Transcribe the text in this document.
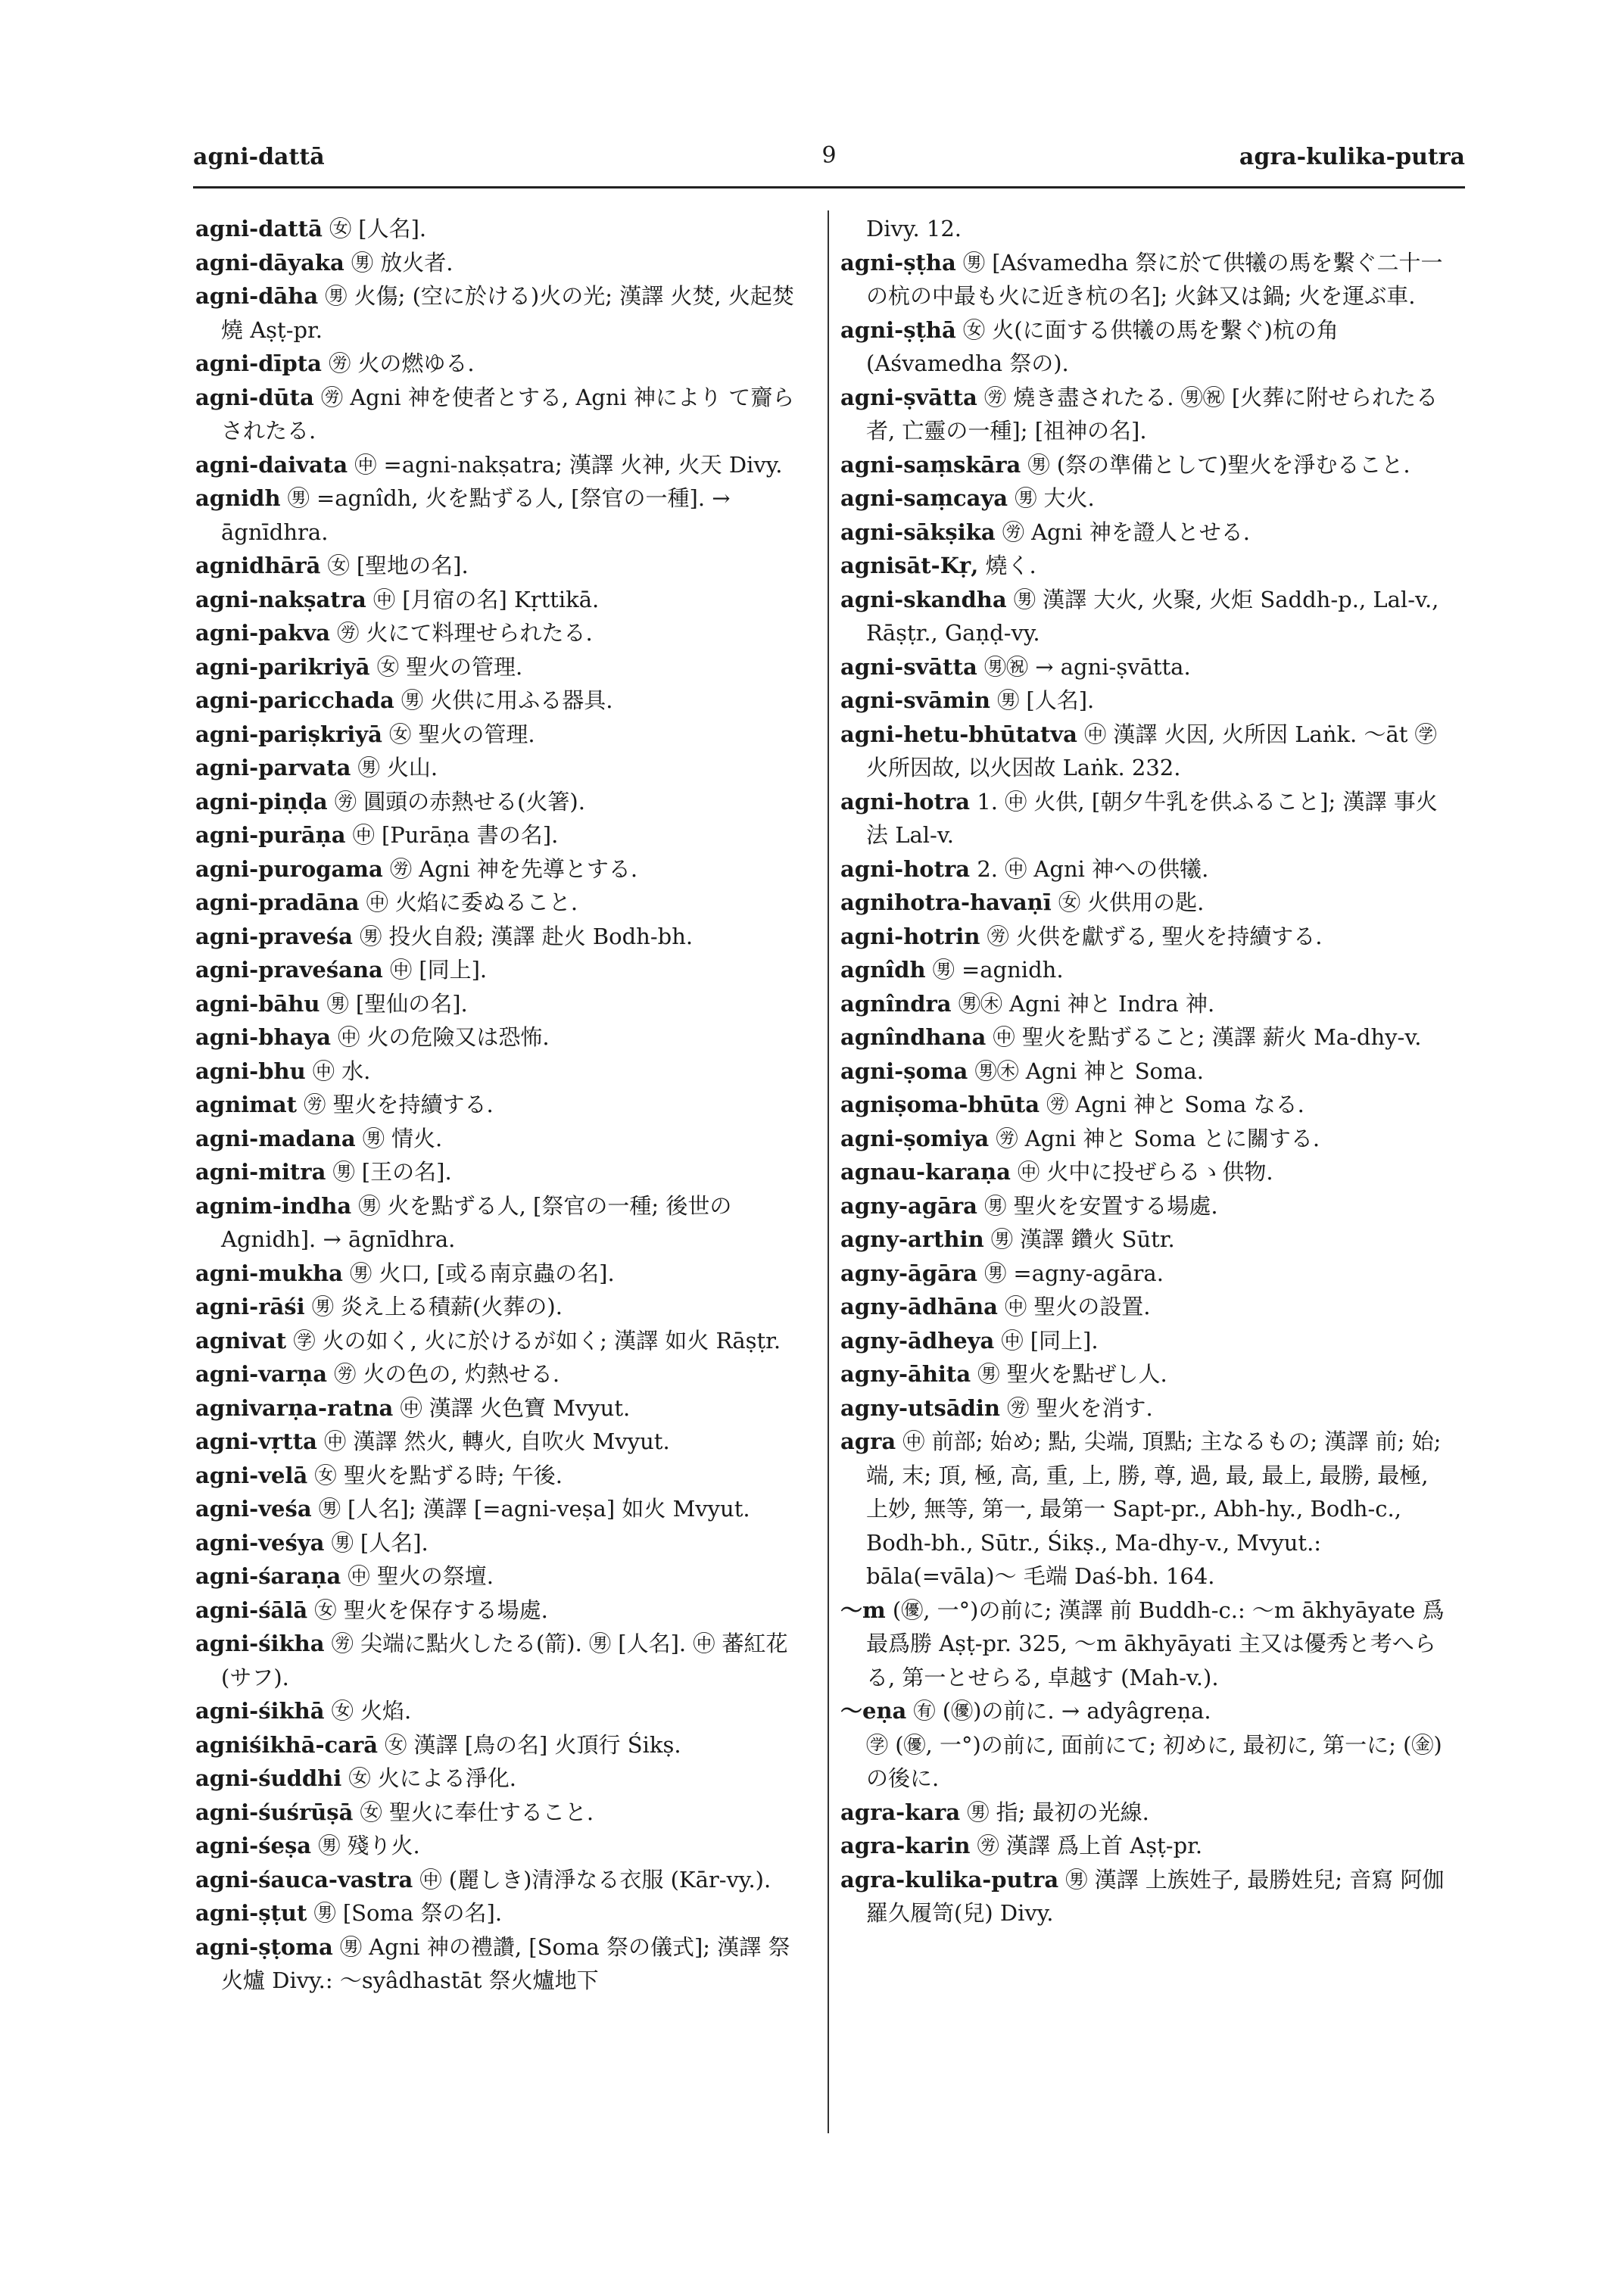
agni-dattā	9	agra-kulika-putra

agni-dattā ㊛ [人名].

agni-dāyaka ㊚ 放火者.

agni-dāha ㊚ 火傷; (空に於ける)火の光; 漢譯 火焚, 火起焚燒 Aṣṭ-pr.

agni-dīpta ㊘ 火の燃ゆる.

agni-dūta ㊘ Agni 神を使者とする, Agni 神により て齎らされたる.

agni-daivata ㊥ =agni-nakṣatra; 漢譯 火神, 火天 Divy.

agnidh ㊚ =agnîdh, 火を點ずる人, [祭官の一種]. → āgnīdhra.

agnidhārā ㊛ [聖地の名].

agni-nakṣatra ㊥ [月宿の名] Kṛttikā.

agni-pakva ㊘ 火にて料理せられたる.

agni-parikriyā ㊛ 聖火の管理.

agni-paricchada ㊚ 火供に用ふる器具.

agni-pariṣkriyā ㊛ 聖火の管理.

agni-parvata ㊚ 火山.

agni-piṇḍa ㊘ 圓頭の赤熱せる(火箸).

agni-purāṇa ㊥ [Purāṇa 書の名].

agni-purogama ㊘ Agni 神を先導とする.

agni-pradāna ㊥ 火焰に委ぬること.

agni-praveśa ㊚ 投火自殺; 漢譯 赴火 Bodh-bh.

agni-praveśana ㊥ [同上].

agni-bāhu ㊚ [聖仙の名].

agni-bhaya ㊥ 火の危險又は恐怖.

agni-bhu ㊥ 水.

agnimat ㊘ 聖火を持續する.

agni-madana ㊚ 情火.

agni-mitra ㊚ [王の名].

agnim-indha ㊚ 火を點ずる人, [祭官の一種; 後世の Agnidh]. → āgnīdhra.

agni-mukha ㊚ 火口, [或る南京蟲の名].

agni-rāśi ㊚ 炎え上る積薪(火葬の).

agnivat ㊫ 火の如く, 火に於けるが如く; 漢譯 如火 Rāṣṭr.

agni-varṇa ㊘ 火の色の, 灼熱せる.

agnivarṇa-ratna ㊥ 漢譯 火色寶 Mvyut.

agni-vṛtta ㊥ 漢譯 然火, 轉火, 自吹火 Mvyut.

agni-velā ㊛ 聖火を點ずる時; 午後.

agni-veśa ㊚ [人名]; 漢譯 [=agni-veṣa] 如火 Mvyut.

agni-veśya ㊚ [人名].

agni-śaraṇa ㊥ 聖火の祭壇.

agni-śālā ㊛ 聖火を保存する場處.

agni-śikha ㊘ 尖端に點火したる(箭). ㊚ [人名]. ㊥ 蕃紅花(サフ).

agni-śikhā ㊛ 火焰.

agniśikhā-carā ㊛ 漢譯 [鳥の名] 火頂行 Śikṣ.

agni-śuddhi ㊛ 火による淨化.

agni-śuśrūṣā ㊛ 聖火に奉仕すること.

agni-śeṣa ㊚ 殘り火.

agni-śauca-vastra ㊥ (麗しき)清淨なる衣服 (Kār-vy.).

agni-ṣṭut ㊚ [Soma 祭の名].

agni-ṣṭoma ㊚ Agni 神の禮讚, [Soma 祭の儀式]; 漢譯 祭火爐 Divy.: 〜syâdhastāt 祭火爐地下

Divy. 12.

agni-ṣṭha ㊚ [Aśvamedha 祭に於て供犧の馬を繫ぐ二十一の杭の中最も火に近き杭の名]; 火鉢又は鍋; 火を運ぶ車.

agni-ṣṭhā ㊛ 火(に面する供犧の馬を繫ぐ)杭の角 (Aśvamedha 祭の).

agni-ṣvātta ㊘ 燒き盡されたる. ㊚㊗ [火葬に附せられたる者, 亡靈の一種]; [祖神の名].

agni-saṃskāra ㊚ (祭の準備として)聖火を淨むること.

agni-saṃcaya ㊚ 大火.

agni-sākṣika ㊘ Agni 神を證人とせる.

agnisāt-Kṛ, 燒く.

agni-skandha ㊚ 漢譯 大火, 火聚, 火炬 Saddh-p., Lal-v., Rāṣṭr., Gaṇḍ-vy.

agni-svātta ㊚㊗ → agni-ṣvātta.

agni-svāmin ㊚ [人名].

agni-hetu-bhūtatva ㊥ 漢譯 火因, 火所因 Laṅk. 〜āt ㊫ 火所因故, 以火因故 Laṅk. 232.

agni-hotra 1. ㊥ 火供, [朝夕牛乳を供ふること]; 漢譯 事火法 Lal-v.

agni-hotra 2. ㊥ Agni 神への供犧.

agnihotra-havaṇī ㊛ 火供用の匙.

agni-hotrin ㊘ 火供を獻ずる, 聖火を持續する.

agnîdh ㊚ =agnidh.

agnîndra ㊚㊍ Agni 神と Indra 神.

agnîndhana ㊥ 聖火を點ずること; 漢譯 薪火 Ma-dhy-v.

agni-ṣoma ㊚㊍ Agni 神と Soma.

agniṣoma-bhūta ㊘ Agni 神と Soma なる.

agni-ṣomiya ㊘ Agni 神と Soma とに關する.

agnau-karaṇa ㊥ 火中に投ぜらるゝ供物.

agny-agāra ㊚ 聖火を安置する場處.

agny-arthin ㊚ 漢譯 鑽火 Sūtr.

agny-āgāra ㊚ =agny-agāra.

agny-ādhāna ㊥ 聖火の設置.

agny-ādheya ㊥ [同上].

agny-āhita ㊚ 聖火を點ぜし人.

agny-utsādin ㊘ 聖火を消す.

agra ㊥ 前部; 始め; 點, 尖端, 頂點; 主なるもの; 漢譯 前; 始; 端, 末; 頂, 極, 高, 重, 上, 勝, 尊, 過, 最, 最上, 最勝, 最極, 上妙, 無等, 第一, 最第一 Sapt-pr., Abh-hy., Bodh-c., Bodh-bh., Sūtr., Śikṣ., Ma-dhy-v., Mvyut.: bāla(=vāla)〜 毛端 Daś-bh. 164.

〜m (㊝, 一°)の前に; 漢譯 前 Buddh-c.: 〜m ākhyāyate 爲最爲勝 Aṣṭ-pr. 325, 〜m ākhyāyati 主又は優秀と考へらる, 第一とせらる, 卓越す (Mah-v.).

〜eṇa ㊒ (㊝)の前に. → adyâgreṇa.

㊫ (㊝, 一°)の前に, 面前にて; 初めに, 最初に, 第一に; (㊎)の後に.

agra-kara ㊚ 指; 最初の光線.

agra-karin ㊘ 漢譯 爲上首 Aṣṭ-pr.

agra-kulika-putra ㊚ 漢譯 上族姓子, 最勝姓兒; 音寫 阿伽羅久履笥(兒) Divy.
